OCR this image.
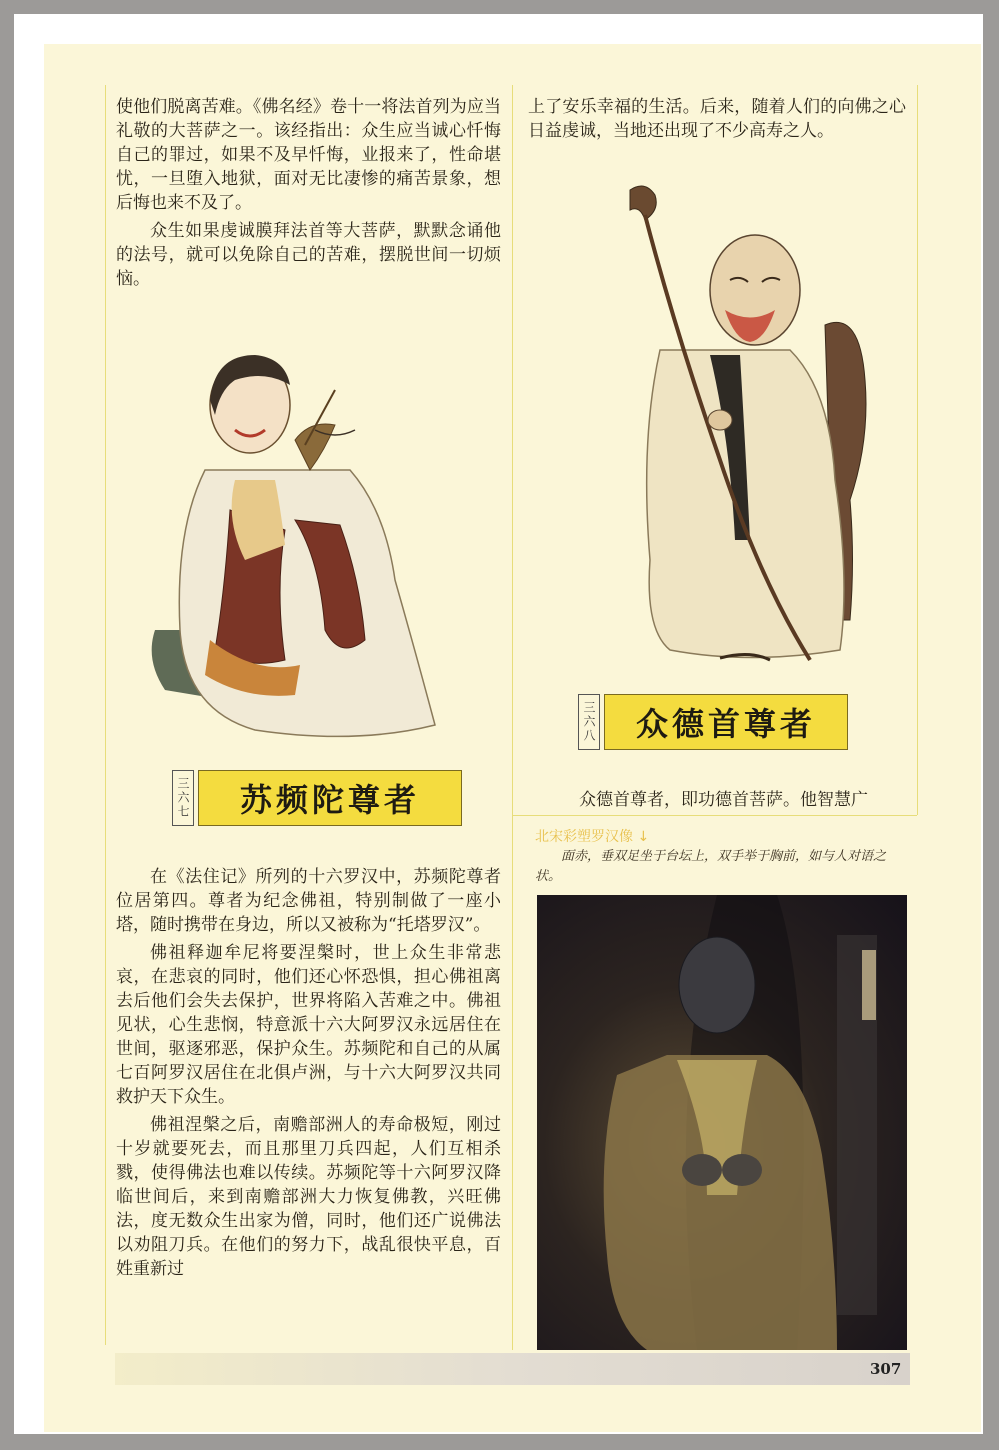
使他们脱离苦难。《佛名经》卷十一将法首列为应当礼敬的大菩萨之一。该经指出：众生应当诚心忏悔自己的罪过，如果不及早忏悔，业报来了，性命堪忧，一旦堕入地狱，面对无比凄惨的痛苦景象，想后悔也来不及了。

众生如果虔诚膜拜法首等大菩萨，默默念诵他的法号，就可以免除自己的苦难，摆脱世间一切烦恼。

三六七	苏频陀尊者

在《法住记》所列的十六罗汉中，苏频陀尊者位居第四。尊者为纪念佛祖，特别制做了一座小塔，随时携带在身边，所以又被称为“托塔罗汉”。

佛祖释迦牟尼将要涅槃时，世上众生非常悲哀，在悲哀的同时，他们还心怀恐惧，担心佛祖离去后他们会失去保护，世界将陷入苦难之中。佛祖见状，心生悲悯，特意派十六大阿罗汉永远居住在世间，驱逐邪恶，保护众生。苏频陀和自己的从属七百阿罗汉居住在北俱卢洲，与十六大阿罗汉共同救护天下众生。

佛祖涅槃之后，南赡部洲人的寿命极短，刚过十岁就要死去，而且那里刀兵四起，人们互相杀戮，使得佛法也难以传续。苏频陀等十六阿罗汉降临世间后，来到南赡部洲大力恢复佛教，兴旺佛法，度无数众生出家为僧，同时，他们还广说佛法以劝阻刀兵。在他们的努力下，战乱很快平息，百姓重新过

上了安乐幸福的生活。后来，随着人们的向佛之心日益虔诚，当地还出现了不少高寿之人。

三六八	众德首尊者

众德首尊者，即功德首菩萨。他智慧广

北宋彩塑罗汉像 ↓
面赤，垂双足坐于台坛上，双手举于胸前，如与人对语之状。
307
